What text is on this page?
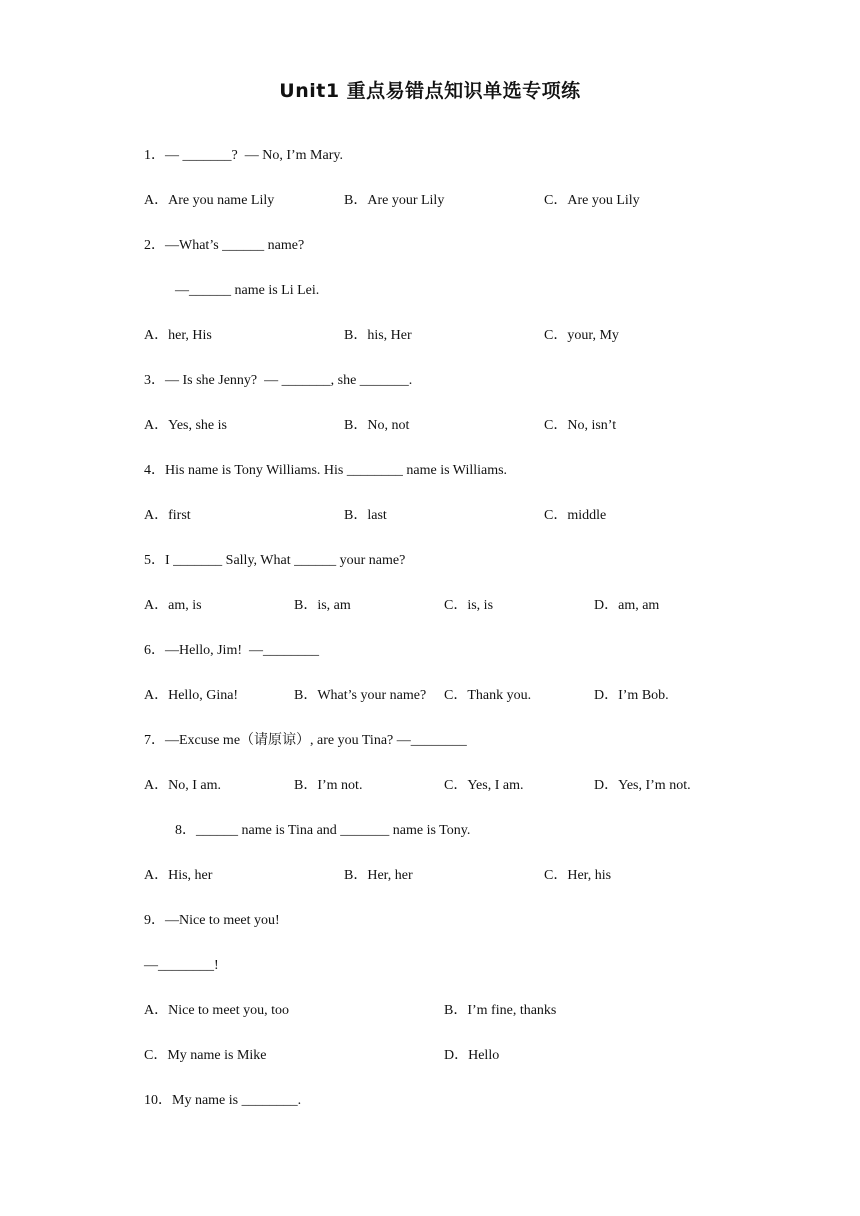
Unit1 重点易错点知识单选专项练
1．— _______?  — No, I’m Mary.
A．Are you name Lily	B．Are your Lily	C．Are you Lily
2．—What’s ______ name?
—______ name is Li Lei.
A．her, His	B．his, Her	C．your, My
3．— Is she Jenny?  — _______, she _______.
A．Yes, she is	B．No, not	C．No, isn’t
4．His name is Tony Williams. His ________ name is Williams.
A．first	B．last	C．middle
5．I _______ Sally, What ______ your name?
A．am, is	B．is, am	C．is, is	D．am, am
6．—Hello, Jim!  —________
A．Hello, Gina!	B．What’s your name? C．Thank you.	D．I’m Bob.
7．—Excuse me（请原谅）, are you Tina? —________
A．No, I am.	B．I’m not.	C．Yes, I am.	D．Yes, I’m not.
8．______ name is Tina and _______ name is Tony.
A．His, her	B．Her, her	C．Her, his
9．—Nice to meet you!
—________!
A．Nice to meet you, too	B．I’m fine, thanks
C．My name is Mike	D．Hello
10．My name is ________.
